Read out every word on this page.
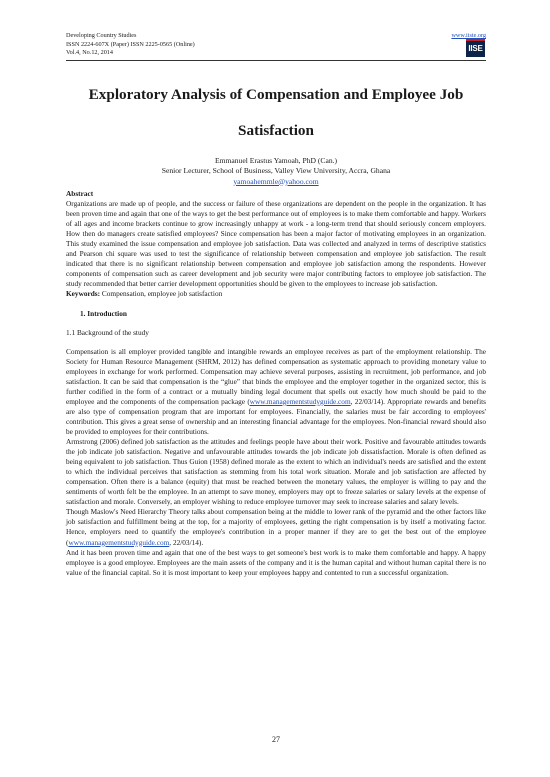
Developing Country Studies
ISSN 2224-607X (Paper) ISSN 2225-0565 (Online)
Vol.4, No.12, 2014
www.iiste.org
IISE
Exploratory Analysis of Compensation and Employee Job Satisfaction
Emmanuel Erastus Yamoah, PhD (Can.)
Senior Lecturer, School of Business, Valley View University, Accra, Ghana
yamoahemmle@yahoo.com
Abstract

Organizations are made up of people, and the success or failure of these organizations are dependent on the people in the organization. It has been proven time and again that one of the ways to get the best performance out of employees is to make them comfortable and happy. Workers of all ages and income brackets continue to grow increasingly unhappy at work - a long-term trend that should seriously concern employers. How then do managers create satisfied employees? Since compensation has been a major factor of motivating employees in an organization. This study examined the issue compensation and employee job satisfaction. Data was collected and analyzed in terms of descriptive statistics and Pearson chi square was used to test the significance of relationship between compensation and employee job satisfaction. The result indicated that there is no significant relationship between compensation and employee job satisfaction among the respondents. However components of compensation such as career development and job security were major contributing factors to employee job satisfaction. The study recommended that better carrier development opportunities should be given to the employees to increase job satisfaction.

Keywords: Compensation, employee job satisfaction
1. Introduction
1.1 Background of the study

Compensation is all employer provided tangible and intangible rewards an employee receives as part of the employment relationship. The Society for Human Resource Management (SHRM, 2012) has defined compensation as systematic approach to providing monetary value to employees in exchange for work performed. Compensation may achieve several purposes, assisting in recruitment, job performance, and job satisfaction. It can be said that compensation is the “glue” that binds the employee and the employer together in the organized sector, this is further codified in the form of a contract or a mutually binding legal document that spells out exactly how much should be paid to the employee and the components of the compensation package (www.managementstudyguide.com, 22/03/14). Appropriate rewards and benefits are also type of compensation program that are important for employees. Financially, the salaries must be fair according to employees' contribution. This gives a great sense of ownership and an interesting financial advantage for the employees. Non-financial reward should also be provided to employees for their contributions.

Armstrong (2006) defined job satisfaction as the attitudes and feelings people have about their work. Positive and favourable attitudes towards the job indicate job satisfaction. Negative and unfavourable attitudes towards the job indicate job dissatisfaction. Morale is often defined as being equivalent to job satisfaction. Thus Guion (1958) defined morale as the extent to which an individual's needs are satisfied and the extent to which the individual perceives that satisfaction as stemming from his total work situation. Morale and job satisfaction are affected by compensation. Often there is a balance (equity) that must be reached between the monetary values, the employer is willing to pay and the sentiments of worth felt be the employee. In an attempt to save money, employers may opt to freeze salaries or salary levels at the expense of satisfaction and morale. Conversely, an employer wishing to reduce employee turnover may seek to increase salaries and salary levels.

Though Maslow's Need Hierarchy Theory talks about compensation being at the middle to lower rank of the pyramid and the other factors like job satisfaction and fulfillment being at the top, for a majority of employees, getting the right compensation is by itself a motivating factor. Hence, employers need to quantify the employee's contribution in a proper manner if they are to get the best out of the employee (www.managementstudyguide.com, 22/03/14).

And it has been proven time and again that one of the best ways to get someone's best work is to make them comfortable and happy. A happy employee is a good employee. Employees are the main assets of the company and it is the human capital and without human capital there is no value of the financial capital. So it is most important to keep your employees happy and contented to run a successful organization.

27
